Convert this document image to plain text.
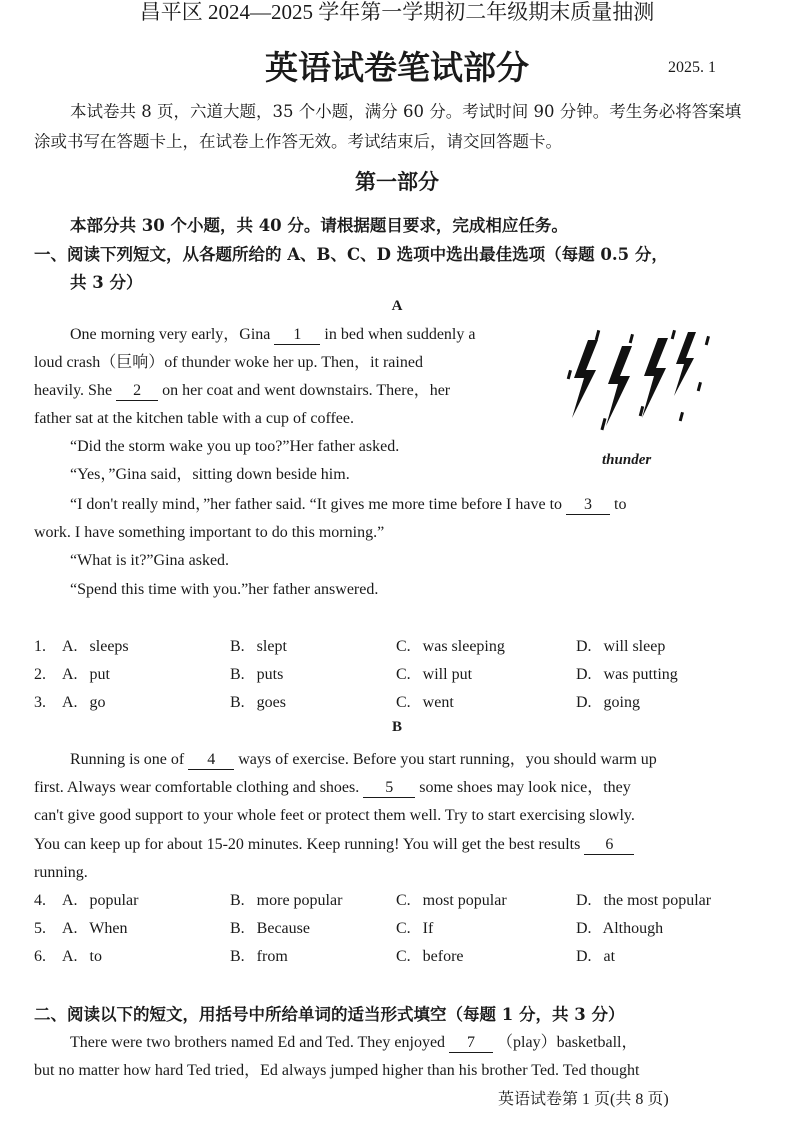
昌平区 2024—2025 学年第一学期初二年级期末质量抽测
英语试卷笔试部分	2025. 1
本试卷共 8 页，六道大题，35 个小题，满分 60 分。考试时间 90 分钟。考生务必将答案填涂或书写在答题卡上，在试卷上作答无效。考试结束后，请交回答题卡。
第一部分
本部分共 30 个小题，共 40 分。请根据题目要求，完成相应任务。
一、阅读下列短文，从各题所给的 A、B、C、D 选项中选出最佳选项（每题 0.5 分，
共 3 分）
A
One morning very early，Gina 1 in bed when suddenly a
loud crash（巨响）of thunder woke her up. Then，it rained
heavily. She 2 on her coat and went downstairs. There，her
father sat at the kitchen table with a cup of coffee.
“Did the storm wake you up too?”Her father asked.
“Yes，”Gina said，sitting down beside him.
“I don't really mind，”her father said. “It gives me more time before I have to 3 to
work. I have something important to do this morning.”
“What is it?”Gina asked.
“Spend this time with you.”her father answered.
thunder
1. A.   sleeps	B.   slept	C.   was sleeping	D.   will sleep
2. A.   put	B.   puts	C.   will put	D.   was putting
3. A.   go	B.   goes	C.   went	D.   going
B
Running is one of 4 ways of exercise. Before you start running，you should warm up
first. Always wear comfortable clothing and shoes. 5 some shoes may look nice，they
can't give good support to your whole feet or protect them well. Try to start exercising slowly.
You can keep up for about 15-20 minutes. Keep running! You will get the best results 6
running.
4. A.   popular	B.   more popular	C.   most popular	D.   the most popular
5. A.   When	B.   Because	C.   If	D.   Although
6. A.   to	B.   from	C.   before	D.   at
二、阅读以下的短文，用括号中所给单词的适当形式填空（每题 1 分，共 3 分）
There were two brothers named Ed and Ted. They enjoyed 7 （play）basketball，
but no matter how hard Ted tried，Ed always jumped higher than his brother Ted. Ted thought
英语试卷第 1 页(共 8 页)
